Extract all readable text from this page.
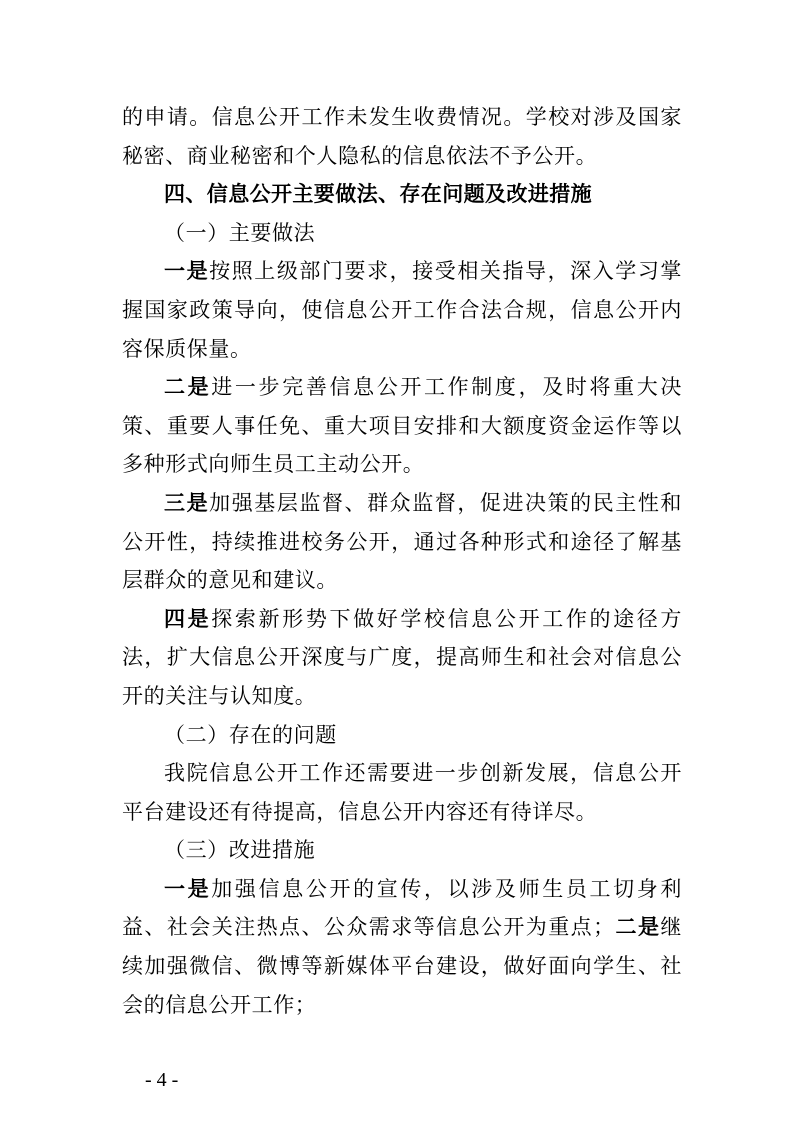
的申请。信息公开工作未发生收费情况。学校对涉及国家秘密、商业秘密和个人隐私的信息依法不予公开。

四、信息公开主要做法、存在问题及改进措施

（一）主要做法

一是按照上级部门要求，接受相关指导，深入学习掌握国家政策导向，使信息公开工作合法合规，信息公开内容保质保量。

二是进一步完善信息公开工作制度，及时将重大决策、重要人事任免、重大项目安排和大额度资金运作等以多种形式向师生员工主动公开。

三是加强基层监督、群众监督，促进决策的民主性和公开性，持续推进校务公开，通过各种形式和途径了解基层群众的意见和建议。

四是探索新形势下做好学校信息公开工作的途径方法，扩大信息公开深度与广度，提高师生和社会对信息公开的关注与认知度。

（二）存在的问题

我院信息公开工作还需要进一步创新发展，信息公开平台建设还有待提高，信息公开内容还有待详尽。

（三）改进措施

一是加强信息公开的宣传，以涉及师生员工切身利益、社会关注热点、公众需求等信息公开为重点；二是继续加强微信、微博等新媒体平台建设，做好面向学生、社会的信息公开工作；

- 4 -
